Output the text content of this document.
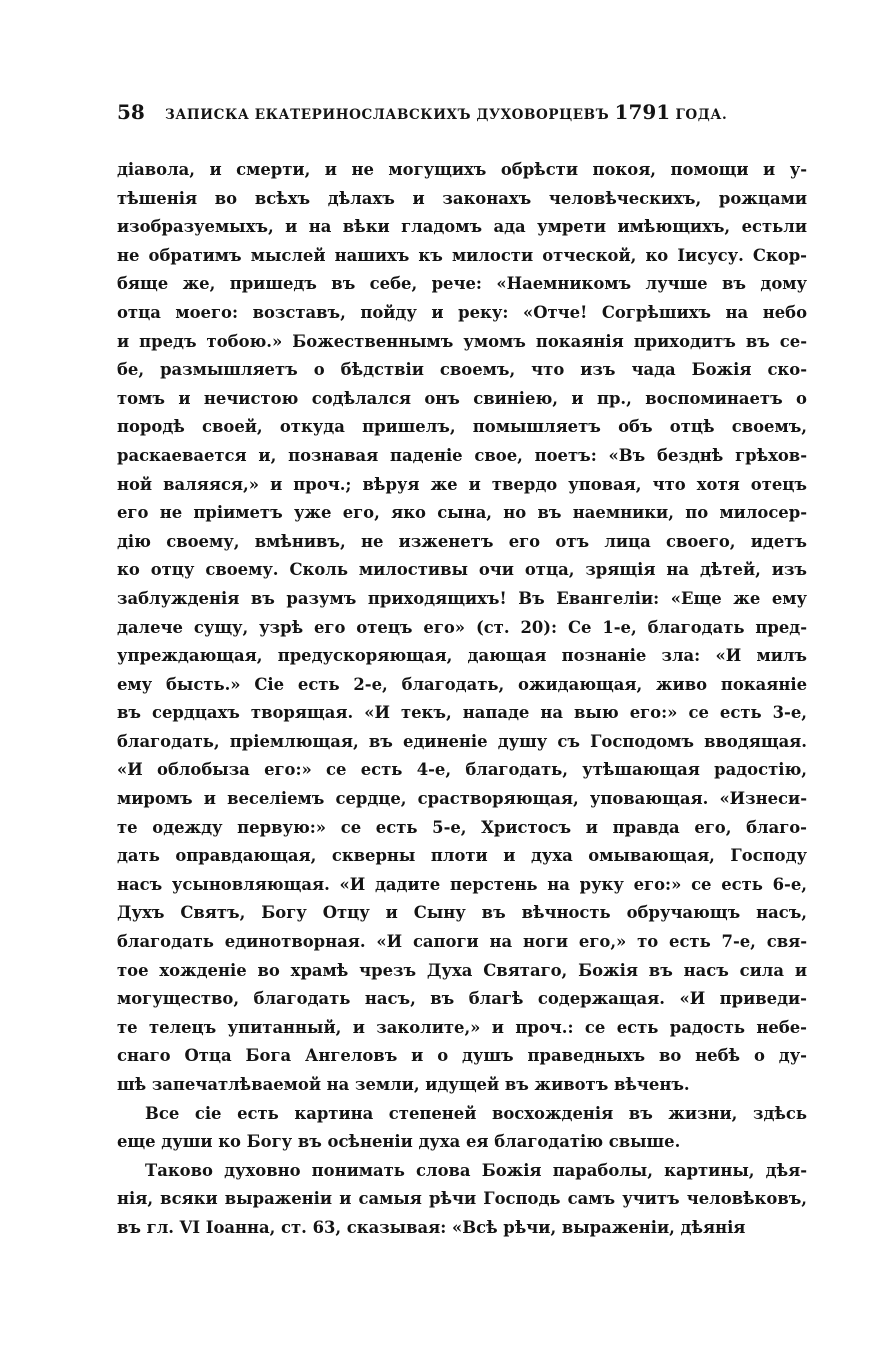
58	ЗАПИСКА ЕКАТЕРИНОСЛАВСКИХЪ ДУХОВОРЦЕВЪ 1791 ГОДА.
діавола, и смерти, и не могущихъ обрѣсти покоя, помощи и у-
тѣшенія во всѣхъ дѣлахъ и законахъ человѣческихъ, рожцами
изобразуемыхъ, и на вѣки гладомъ ада умрети имѣющихъ, естьли
не обратимъ мыслей нашихъ къ милости отческой, ко Іисусу. Скор-
бящe же, пришедъ въ себе, рече: «Наемникомъ лучше въ дому
отца моего: возставъ, пойду и реку: «Отче! Согрѣшихъ на небо
и предъ тобою.» Божественнымъ умомъ покаянія приходитъ въ се-
бе, размышляетъ о бѣдствіи своемъ, что изъ чада Божія ско-
томъ и нечистою содѣлался онъ свиніею, и пр., воспоминаетъ о
породѣ своей, откуда пришелъ, помышляетъ объ отцѣ своемъ,
раскаевается и, познавая паденіе свое, поетъ: «Въ безднѣ грѣхов-
ной валяяся,» и проч.; вѣруя же и твердо уповая, что хотя отецъ
его не пріиметъ уже его, яко сына, но въ наемники, по милосер-
дію своему, вмѣнивъ, не изженетъ его отъ лица своего, идетъ
ко отцу своему. Сколь милостивы очи отца, зрящія на дѣтей, изъ
заблужденія въ разумъ приходящихъ! Въ Евангеліи: «Еще же ему
далече сущу, узрѣ его отецъ его» (ст. 20): Се 1-е, благодать пред-
упреждающая, предускоряющая, дающая познаніе зла: «И милъ
ему бысть.» Сіе есть 2-е, благодать, ожидающая, живо покаяніе
въ сердцахъ творящая. «И текъ, нападе на выю его:» се есть 3-е,
благодать, пріемлющая, въ единеніе душу съ Господомъ вводящая.
«И облобыза его:» се есть 4-е, благодать, утѣшающая радостію,
миромъ и веселіемъ сердце, срастворяющая, уповающая. «Изнеси-
те одежду первую:» се есть 5-е, Христосъ и правда его, благо-
дать оправдающая, скверны плоти и духа омывающая, Господу
насъ усыновляющая. «И дадите перстень на руку его:» се есть 6-е,
Духъ Святъ, Богу Отцу и Сыну въ вѣчность обручающъ насъ,
благодать единотворная. «И сапоги на ноги его,» то есть 7-е, свя-
тое хожденіе во храмѣ чрезъ Духа Святаго, Божія въ насъ сила и
могущество, благодать насъ, въ благѣ содержащая. «И приведи-
те телецъ упитанный, и заколите,» и проч.: се есть радость небе-
снаго Отца Бога Ангеловъ и о душъ праведныхъ во небѣ о ду-
шѣ запечатлѣваемой на земли, идущей въ животъ вѣченъ.
Все сіе есть картина степеней восхожденія въ жизни, здѣсь
еще души ко Богу въ осѣненіи духа ея благодатію свыше.
Таково духовно понимать слова Божія параболы, картины, дѣя-
нія, всяки выраженіи и самыя рѣчи Господь самъ учитъ человѣковъ,
въ гл. VI Іоанна, ст. 63, сказывая: «Всѣ рѣчи, выраженіи, дѣянія
